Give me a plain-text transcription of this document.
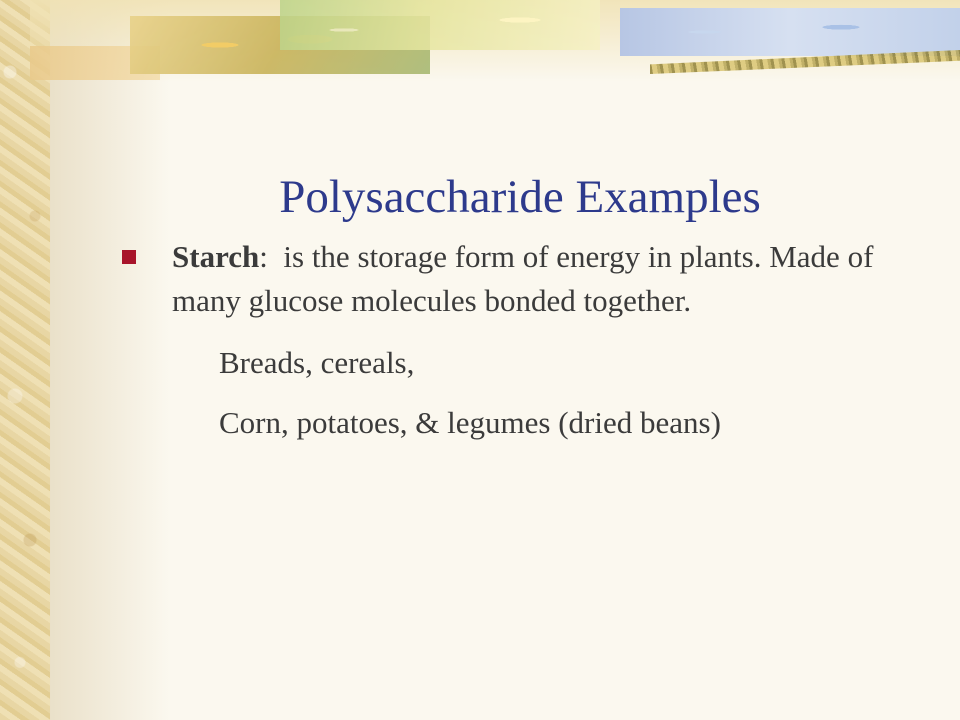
Polysaccharide Examples
Starch:  is the storage form of energy in plants. Made of many glucose molecules bonded together.
Breads, cereals,
Corn, potatoes, & legumes (dried beans)
